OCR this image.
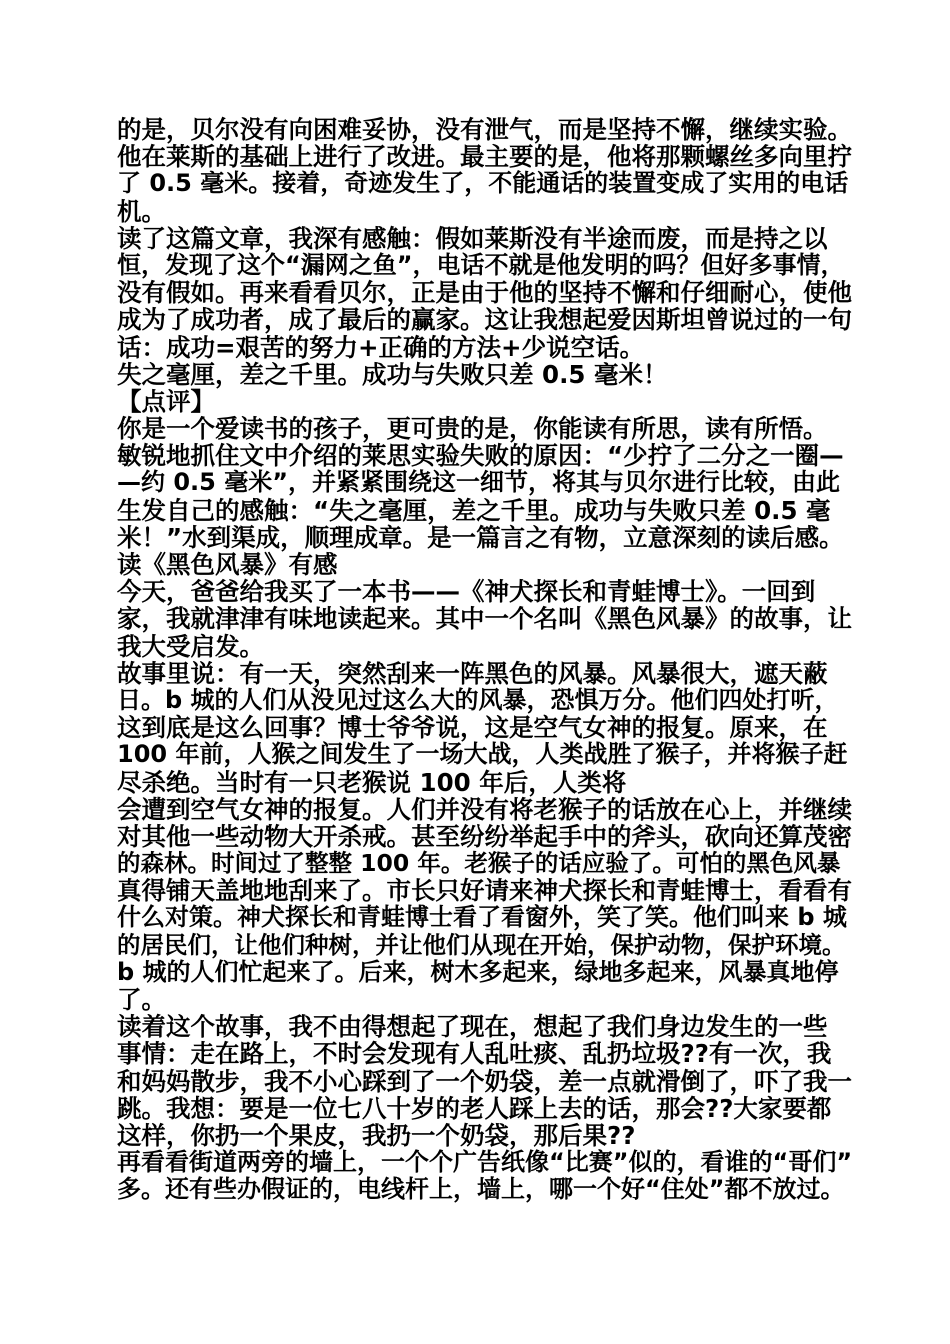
的是，贝尔没有向困难妥协，没有泄气，而是坚持不懈，继续实验。
他在莱斯的基础上进行了改进。最主要的是，他将那颗螺丝多向里拧
了 0.5 毫米。接着，奇迹发生了，不能通话的装置变成了实用的电话
机。
读了这篇文章，我深有感触：假如莱斯没有半途而废，而是持之以
恒，发现了这个“漏网之鱼”，电话不就是他发明的吗？但好多事情，
没有假如。再来看看贝尔，正是由于他的坚持不懈和仔细耐心，使他
成为了成功者，成了最后的赢家。这让我想起爱因斯坦曾说过的一句
话：成功=艰苦的努力+正确的方法+少说空话。
失之毫厘，差之千里。成功与失败只差 0.5 毫米！
【点评】
你是一个爱读书的孩子，更可贵的是，你能读有所思，读有所悟。
敏锐地抓住文中介绍的莱思实验失败的原因：“少拧了二分之一圈—
—约 0.5 毫米”，并紧紧围绕这一细节，将其与贝尔进行比较，由此
生发自己的感触：“失之毫厘，差之千里。成功与失败只差 0.5 毫
米！”水到渠成，顺理成章。是一篇言之有物，立意深刻的读后感。
读《黑色风暴》有感
今天，爸爸给我买了一本书——《神犬探长和青蛙博士》。一回到
家，我就津津有味地读起来。其中一个名叫《黑色风暴》的故事，让
我大受启发。
故事里说：有一天，突然刮来一阵黑色的风暴。风暴很大，遮天蔽
日。b 城的人们从没见过这么大的风暴，恐惧万分。他们四处打听，
这到底是这么回事？博士爷爷说，这是空气女神的报复。原来，在
100 年前，人猴之间发生了一场大战，人类战胜了猴子，并将猴子赶
尽杀绝。当时有一只老猴说 100 年后，人类将
会遭到空气女神的报复。人们并没有将老猴子的话放在心上，并继续
对其他一些动物大开杀戒。甚至纷纷举起手中的斧头，砍向还算茂密
的森林。时间过了整整 100 年。老猴子的话应验了。可怕的黑色风暴
真得铺天盖地地刮来了。市长只好请来神犬探长和青蛙博士，看看有
什么对策。神犬探长和青蛙博士看了看窗外，笑了笑。他们叫来 b 城
的居民们，让他们种树，并让他们从现在开始，保护动物，保护环境。
b 城的人们忙起来了。后来，树木多起来，绿地多起来，风暴真地停
了。
读着这个故事，我不由得想起了现在，想起了我们身边发生的一些
事情：走在路上，不时会发现有人乱吐痰、乱扔垃圾??有一次，我
和妈妈散步，我不小心踩到了一个奶袋，差一点就滑倒了，吓了我一
跳。我想：要是一位七八十岁的老人踩上去的话，那会??大家要都
这样，你扔一个果皮，我扔一个奶袋，那后果??
再看看街道两旁的墙上，一个个广告纸像“比赛”似的，看谁的“哥们”
多。还有些办假证的，电线杆上，墙上，哪一个好“住处”都不放过。
